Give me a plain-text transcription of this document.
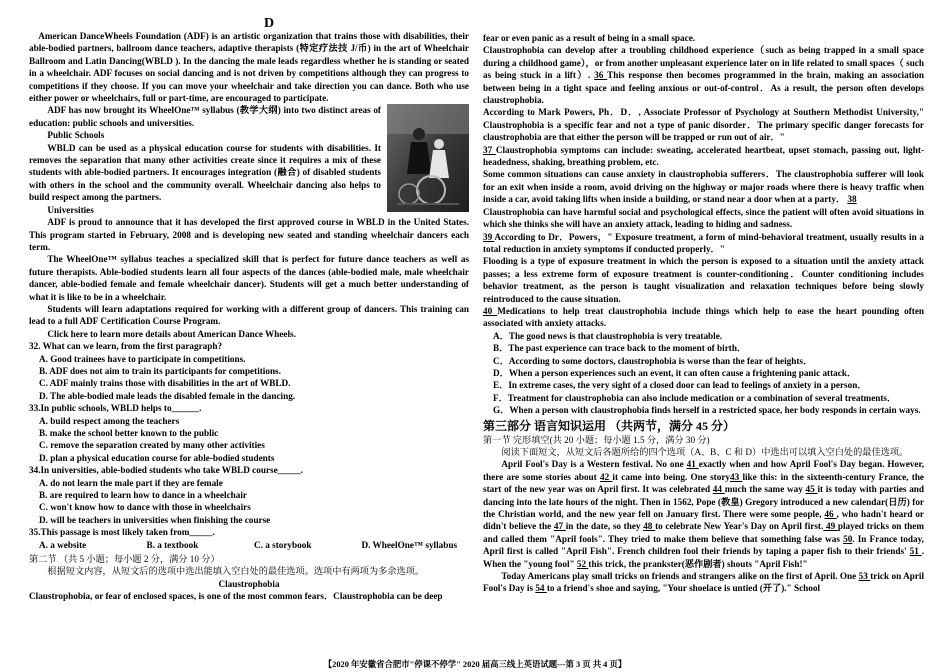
D

American DanceWheels Foundation (ADF) is an artistic organization that trains those with disabilities, their able-bodied partners, ballroom dance teachers, adaptive therapists (特定疗法技 J/币) in the art of Wheelchair Ballroom and Latin Dancing(WBLD ). In the dancing the male leads regardless whether he is standing or seated in a wheelchair. ADF focuses on social dancing and is not driven by competitions although they can progress to competitions if they choose. If you can move your wheelchair and take direction you can dance. Both who use either power or wheelchairs, full or part-time, are encouraged to participate.

ADF has now brought its WheelOne™ syllabus (教学大纲) into two distinct areas of education: public schools and universities.

Public Schools

WBLD can be used as a physical education course for students with disabilities. It removes the separation that many other activities create since it requires a mix of these students with able-bodied partners. It encourages integration (融合) of disabled students with others in the school and the community overall. Wheelchair dancing also helps to build respect among the partners.

Universities

ADF is proud to announce that it has developed the first approved course in WBLD in the United States. This program started in February, 2008 and is developing new seated and standing wheelchair dancers each term.

The WheelOne™ syllabus teaches a specialized skill that is perfect for future dance teachers as well as future therapists. Able-bodied students learn all four aspects of the dances (able-bodied male, male wheelchair dancer, able-bodied female and female wheelchair dancer). Students will get a much better understanding of what it is like to be in a wheelchair.

Students will learn adaptations required for working with a different group of dancers. This training can lead to a full ADF Certification Course Program.

Click here to learn more details about American Dance Wheels.

32. What can we learn, from the first paragraph?

A. Good trainees have to participate in competitions.

B. ADF does not aim to train its participants for competitions.

C. ADF mainly trains those with disabilities in the art of WBLD.

D. The able-bodied male leads the disabled female in the dancing.

33.In public schools, WBLD helps to______.

A. build respect among the teachers

B. make the school better known to the public

C. remove the separation created by many other activities

D. plan a physical education course for able-bodied students

34.In universities, able-bodied students who take WBLD course_____.

A. do not learn the male part if they are female

B. are required to learn how to dance in a wheelchair

C. won't know how to dance with those in wheelchairs

D. will be teachers in universities when finishing the course

35.This passage is most likely taken from_____.

A. a website	B. a textbook	C. a storybook	D. WheelOne™ syllabus

第二节 （共 5 小题；每小题 2 分，满分 10 分）

根据短文内容，从短文后的选项中选出能填入空白处的最佳选项。选项中有两项为多余选项。

Claustrophobia

Claustrophobia, or fear of enclosed spaces, is one of the most common fears．Claustrophobia can be deep

fear or even panic as a result of being in a small space.

Claustrophobia can develop after a troubling childhood experience（such as being trapped in a small space during a childhood game），or from another unpleasant experience later on in life related to small spaces（ such as being stuck in a lift）. 36 This response then becomes programmed in the brain, making an association between being in a tight space and feeling anxious or out-of-control．As a result, the person often develops claustrophobia.

According to Mark Powers, Ph．D．, Associate Professor of Psychology at Southern Methodist University," Claustrophobia is a specific fear and not a type of panic disorder．The primary specific danger forecasts for claustrophobia are that either the person will be trapped or run out of air．"

37 Claustrophobia symptoms can include: sweating, accelerated heartbeat, upset stomach, passing out, light-headedness, shaking, breathing problem, etc.

Some common situations can cause anxiety in claustrophobia sufferers．The claustrophobia sufferer will look for an exit when inside a room, avoid driving on the highway or major roads where there is heavy traffic when inside a car, avoid taking lifts when inside a building, or stand near a door when at a party． 38

Claustrophobia can have harmful social and psychological effects, since the patient will often avoid situations in which she thinks she will have an anxiety attack, leading to hiding and sadness.

39 According to Dr．Powers，" Exposure treatment, a form of mind-behavioral treatment, usually results in a total reduction in anxiety symptoms if conducted properly．"

Flooding is a type of exposure treatment in which the person is exposed to a situation until the anxiety attack passes; a less extreme form of exposure treatment is counter-conditioning．Counter conditioning includes behavior treatment, as the person is taught visualization and relaxation techniques before being slowly reintroduced to the cause situation.

40 Medications to help treat claustrophobia include things which help to ease the heart pounding often associated with anxiety attacks.

A．The good news is that claustrophobia is very treatable.

B．The past experience can trace back to the moment of birth．

C．According to some doctors, claustrophobia is worse than the fear of heights．

D．When a person experiences such an event, it can often cause a frightening panic attack．

E．In extreme cases, the very sight of a closed door can lead to feelings of anxiety in a person．

F．Treatment for claustrophobia can also include medication or a combination of several treatments．

G．When a person with claustrophobia finds herself in a restricted space, her body responds in certain ways.

第三部分 语言知识运用 （共两节，满分 45 分）

第一节 完形填空(共 20 小题；每小题 1.5 分，满分 30 分)

阅读下面短文，从短文后各题所给的四个选项（A、B、C 和 D）中选出可以填入空白处的最佳选项。

April Fool's Day is a Western festival. No one 41 exactly when and how April Fool's Day began. However, there are some stories about 42 it came into being. One story43 like this: in the sixteenth-century France, the start of the new year was on April first. It was celebrated 44 much the same way 45 it is today with parties and dancing into the late hours of the night. Then in 1562, Pope (教皇) Gregory introduced a new calendar(日历) for the Christian world, and the new year fell on January first. There were some people, 46 , who hadn't heard or didn't believe the 47 in the date, so they 48 to celebrate New Year's Day on April first. 49 played tricks on them and called them "April fools". They tried to make them believe that something false was 50. In France today, April first is called "April Fish". French children fool their friends by taping a paper fish to their friends' 51 . When the "young fool" 52 this trick, the prankster(恶作剧者) shouts "April Fish!"

Today Americans play small tricks on friends and strangers alike on the first of April. One 53 trick on April Fool's Day is 54 to a friend's shoe and saying, "Your shoelace is untied (开了)." School

【2020 年安徽省合肥市"停课不停学" 2020 届高三线上英语试题---第 3 页 共 4 页】
